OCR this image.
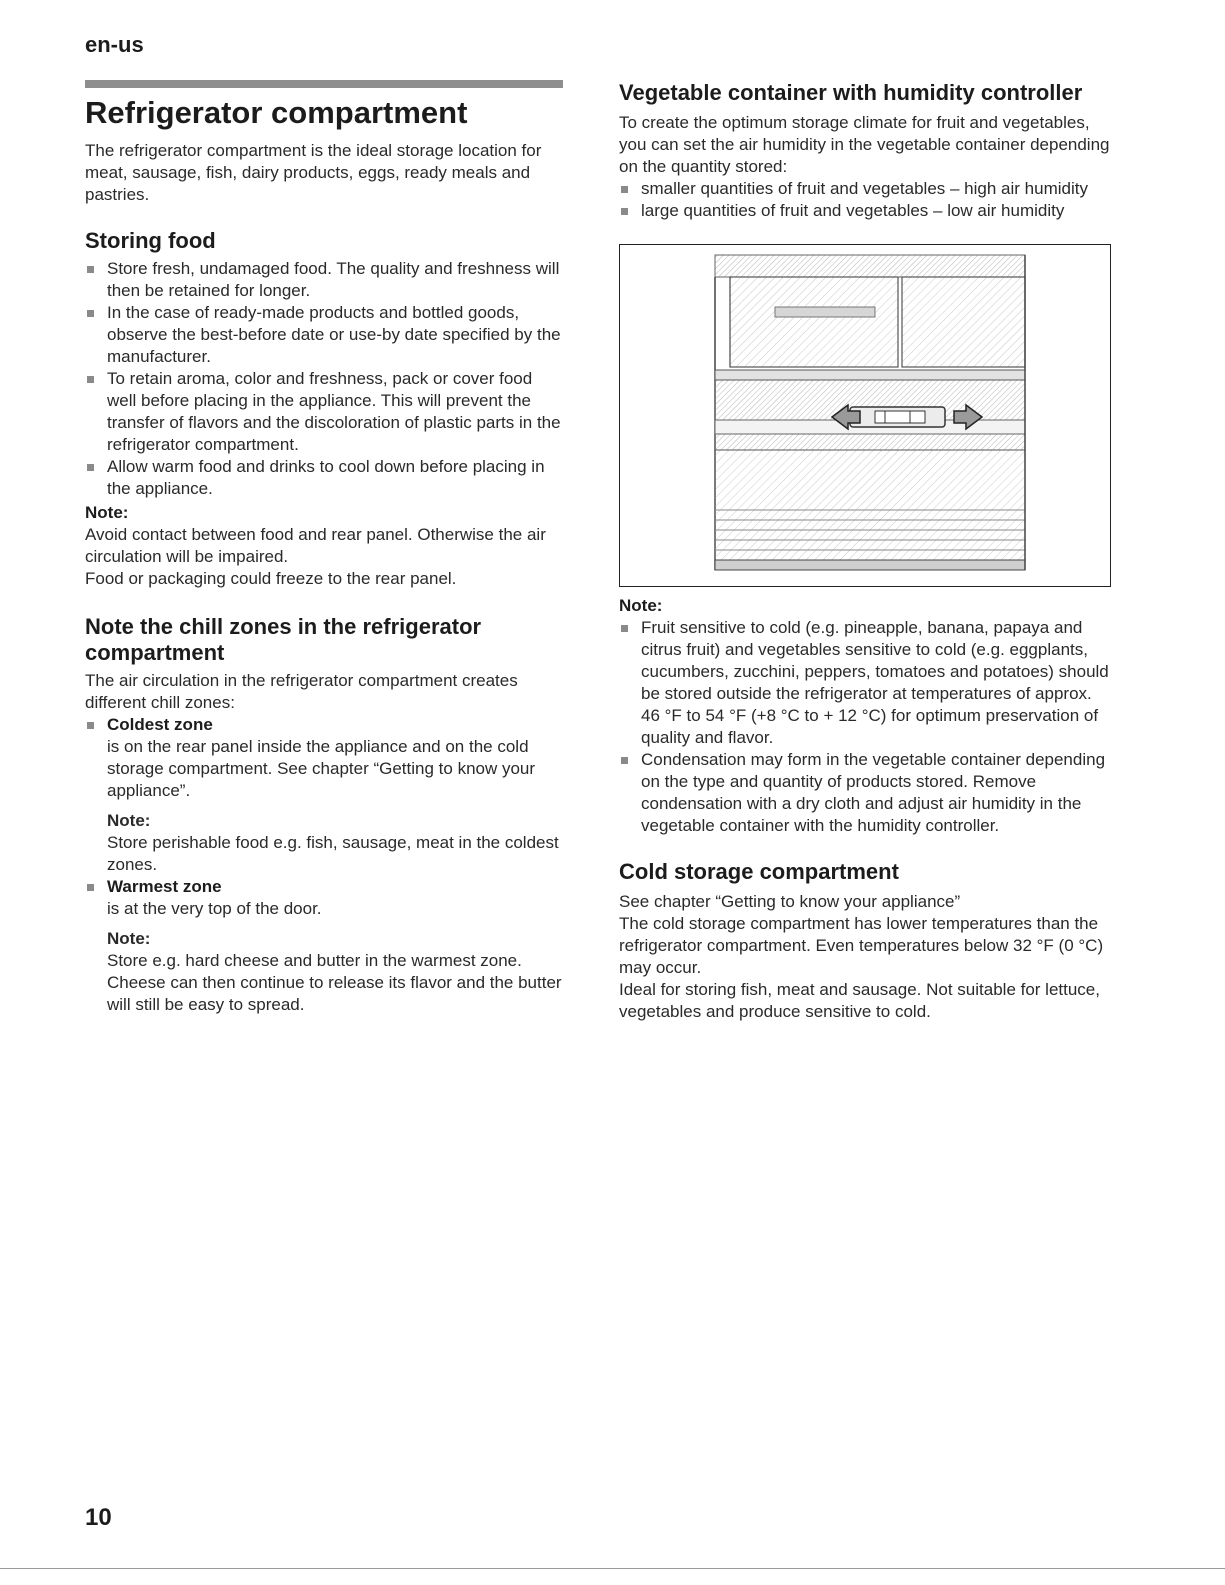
en-us
Refrigerator compartment

The refrigerator compartment is the ideal storage location for meat, sausage, fish, dairy products, eggs, ready meals and pastries.

Storing food
Store fresh, undamaged food. The quality and freshness will then be retained for longer.
In the case of ready-made products and bottled goods, observe the best-before date or use-by date specified by the manufacturer.
To retain aroma, color and freshness, pack or cover food well before placing in the appliance. This will prevent the transfer of flavors and the discoloration of plastic parts in the refrigerator compartment.
Allow warm food and drinks to cool down before placing in the appliance.
Note:

Avoid contact between food and rear panel. Otherwise the air circulation will be impaired.

Food or packaging could freeze to the rear panel.

Note the chill zones in the refrigerator compartment

The air circulation in the refrigerator compartment creates different chill zones:

Coldest zone
is on the rear panel inside the appliance and on the cold storage compartment. See chapter “Getting to know your appliance”.
Note:
Store perishable food e.g. fish, sausage, meat in the coldest zones.
Warmest zone
is at the very top of the door.
Note:
Store e.g. hard cheese and butter in the warmest zone. Cheese can then continue to release its flavor and the butter will still be easy to spread.
Vegetable container with humidity controller

To create the optimum storage climate for fruit and vegetables, you can set the air humidity in the vegetable container depending on the quantity stored:

smaller quantities of fruit and vegetables – high air humidity
large quantities of fruit and vegetables – low air humidity
Note:
Fruit sensitive to cold (e.g. pineapple, banana, papaya and citrus fruit) and vegetables sensitive to cold (e.g. eggplants, cucumbers, zucchini, peppers, tomatoes and potatoes) should be stored outside the refrigerator at temperatures of approx. 46 °F to 54 °F (+8 °C to + 12 °C) for optimum preservation of quality and flavor.
Condensation may form in the vegetable container depending on the type and quantity of products stored. Remove condensation with a dry cloth and adjust air humidity in the vegetable container with the humidity controller.
Cold storage compartment

See chapter “Getting to know your appliance”

The cold storage compartment has lower temperatures than the refrigerator compartment. Even temperatures below 32 °F (0 °C) may occur.

Ideal for storing fish, meat and sausage. Not suitable for lettuce, vegetables and produce sensitive to cold.

10
